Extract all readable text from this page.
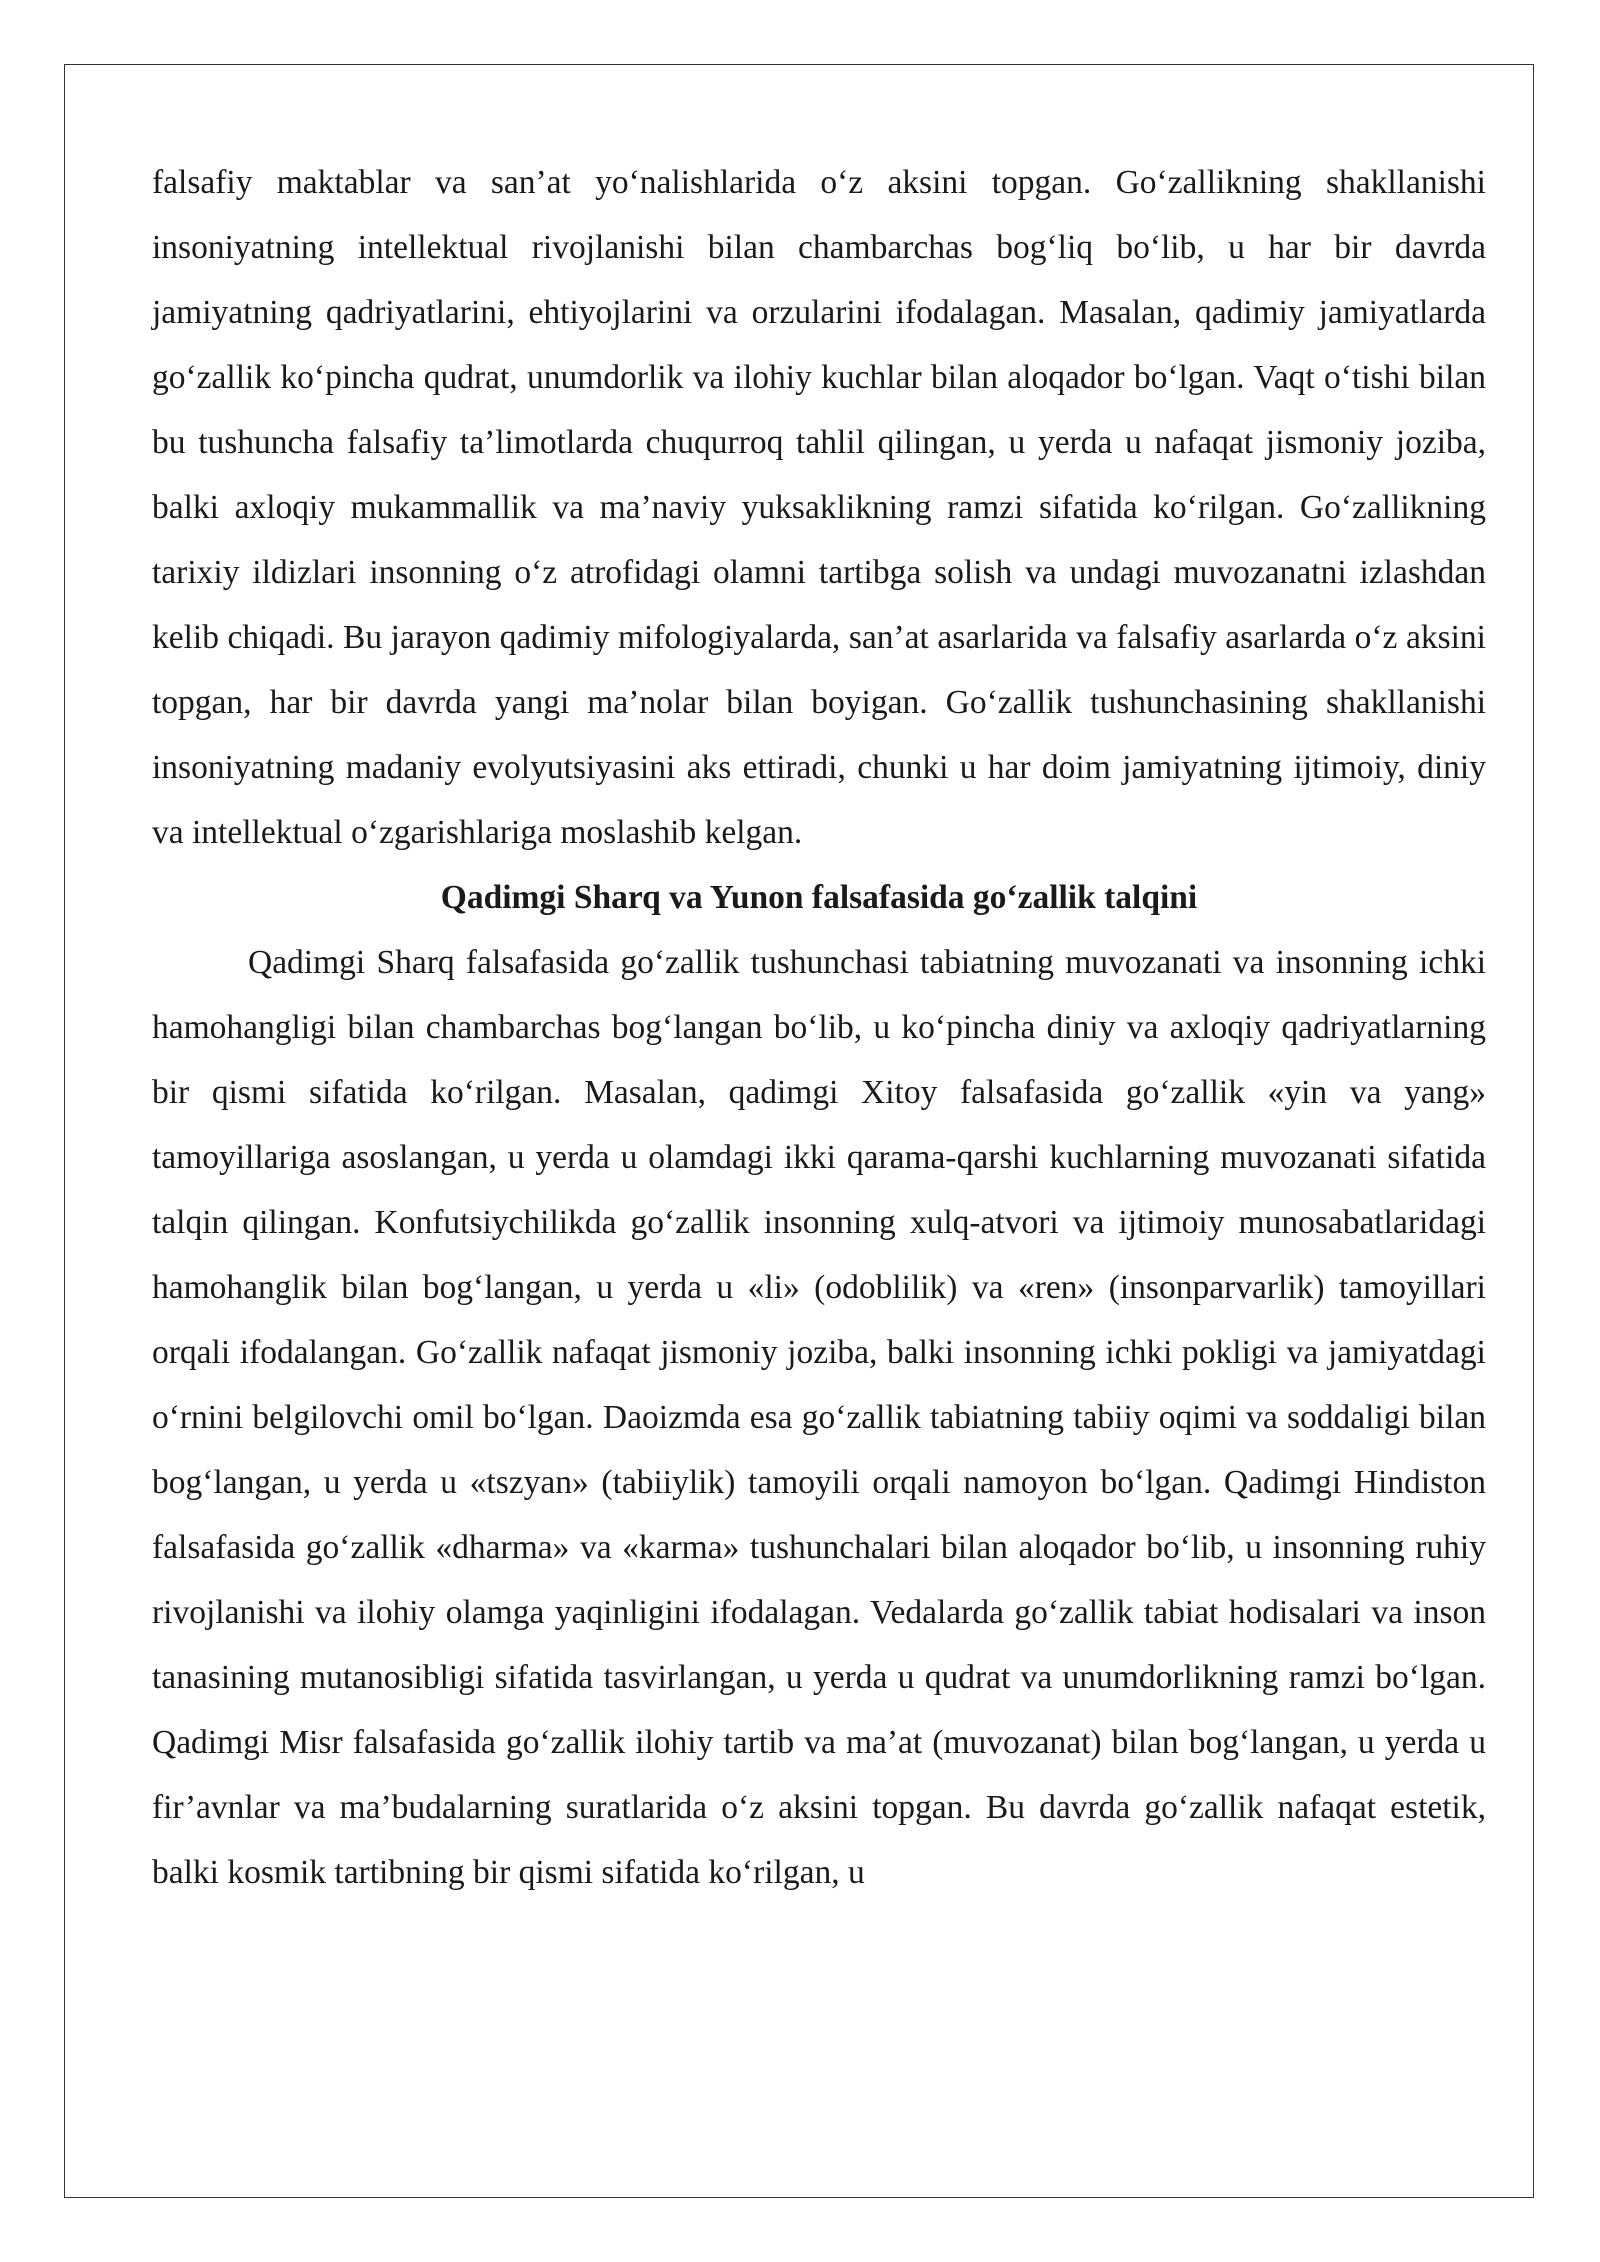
falsafiy maktablar va san’at yo‘nalishlarida o‘z aksini topgan. Go‘zallikning shakllanishi insoniyatning intellektual rivojlanishi bilan chambarchas bog‘liq bo‘lib, u har bir davrda jamiyatning qadriyatlarini, ehtiyojlarini va orzularini ifodalagan. Masalan, qadimiy jamiyatlarda go‘zallik ko‘pincha qudrat, unumdorlik va ilohiy kuchlar bilan aloqador bo‘lgan. Vaqt o‘tishi bilan bu tushuncha falsafiy ta’limotlarda chuqurroq tahlil qilingan, u yerda u nafaqat jismoniy joziba, balki axloqiy mukammallik va ma’naviy yuksaklikning ramzi sifatida ko‘rilgan. Go‘zallikning tarixiy ildizlari insonning o‘z atrofidagi olamni tartibga solish va undagi muvozanatni izlashdan kelib chiqadi. Bu jarayon qadimiy mifologiyalarda, san’at asarlarida va falsafiy asarlarda o‘z aksini topgan, har bir davrda yangi ma’nolar bilan boyigan. Go‘zallik tushunchasining shakllanishi insoniyatning madaniy evolyutsiyasini aks ettiradi, chunki u har doim jamiyatning ijtimoiy, diniy va intellektual o‘zgarishlariga moslashib kelgan.

Qadimgi Sharq va Yunon falsafasida go‘zallik talqini

Qadimgi Sharq falsafasida go‘zallik tushunchasi tabiatning muvozanati va insonning ichki hamohangligi bilan chambarchas bog‘langan bo‘lib, u ko‘pincha diniy va axloqiy qadriyatlarning bir qismi sifatida ko‘rilgan. Masalan, qadimgi Xitoy falsafasida go‘zallik «yin va yang» tamoyillariga asoslangan, u yerda u olamdagi ikki qarama-qarshi kuchlarning muvozanati sifatida talqin qilingan. Konfutsiychilikda go‘zallik insonning xulq-atvori va ijtimoiy munosabatlaridagi hamohanglik bilan bog‘langan, u yerda u «li» (odoblilik) va «ren» (insonparvarlik) tamoyillari orqali ifodalangan. Go‘zallik nafaqat jismoniy joziba, balki insonning ichki pokligi va jamiyatdagi o‘rnini belgilovchi omil bo‘lgan. Daoizmda esa go‘zallik tabiatning tabiiy oqimi va soddaligi bilan bog‘langan, u yerda u «tszyan» (tabiiylik) tamoyili orqali namoyon bo‘lgan. Qadimgi Hindiston falsafasida go‘zallik «dharma» va «karma» tushunchalari bilan aloqador bo‘lib, u insonning ruhiy rivojlanishi va ilohiy olamga yaqinligini ifodalagan. Vedalarda go‘zallik tabiat hodisalari va inson tanasining mutanosibligi sifatida tasvirlangan, u yerda u qudrat va unumdorlikning ramzi bo‘lgan. Qadimgi Misr falsafasida go‘zallik ilohiy tartib va ma’at (muvozanat) bilan bog‘langan, u yerda u fir’avnlar va ma’budalarning suratlarida o‘z aksini topgan. Bu davrda go‘zallik nafaqat estetik, balki kosmik tartibning bir qismi sifatida ko‘rilgan, u
